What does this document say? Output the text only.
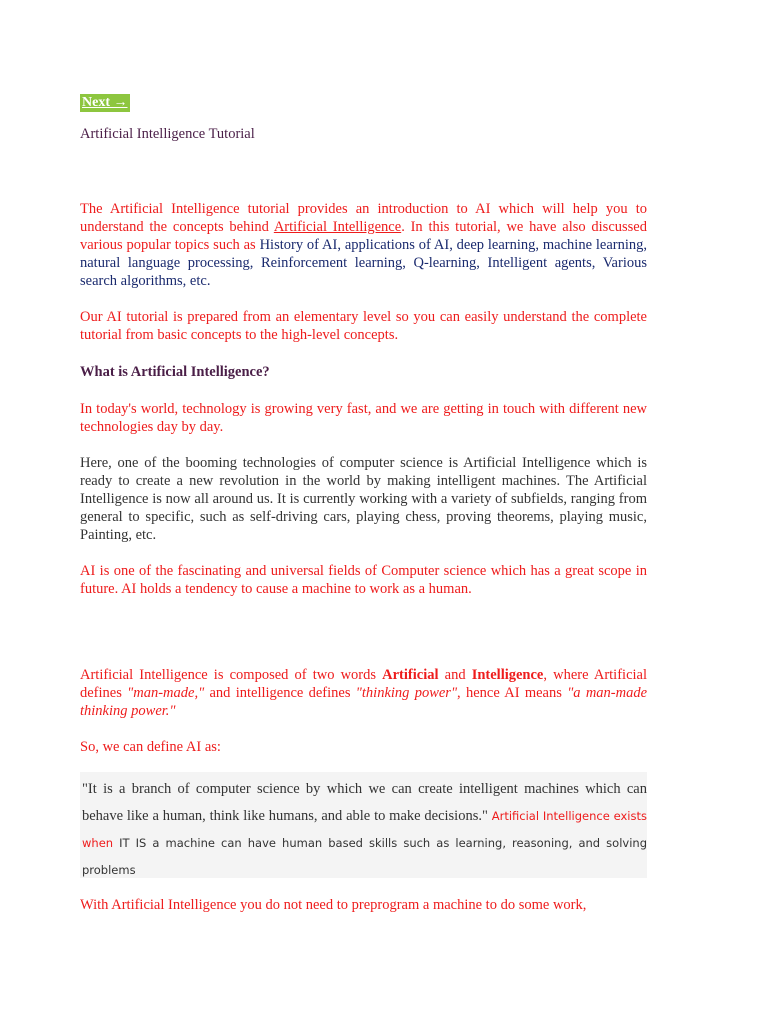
Next →

Artificial Intelligence Tutorial

The Artificial Intelligence tutorial provides an introduction to AI which will help you to understand the concepts behind Artificial Intelligence. In this tutorial, we have also discussed various popular topics such as History of AI, applications of AI, deep learning, machine learning, natural language processing, Reinforcement learning, Q-learning, Intelligent agents, Various search algorithms, etc.

Our AI tutorial is prepared from an elementary level so you can easily understand the complete tutorial from basic concepts to the high-level concepts.

What is Artificial Intelligence?

In today's world, technology is growing very fast, and we are getting in touch with different new technologies day by day.

Here, one of the booming technologies of computer science is Artificial Intelligence which is ready to create a new revolution in the world by making intelligent machines. The Artificial Intelligence is now all around us. It is currently working with a variety of subfields, ranging from general to specific, such as self-driving cars, playing chess, proving theorems, playing music, Painting, etc.

AI is one of the fascinating and universal fields of Computer science which has a great scope in future. AI holds a tendency to cause a machine to work as a human.

Artificial Intelligence is composed of two words Artificial and Intelligence, where Artificial defines "man-made," and intelligence defines "thinking power", hence AI means "a man-made thinking power."

So, we can define AI as:

"It is a branch of computer science by which we can create intelligent machines which can behave like a human, think like humans, and able to make decisions." Artificial Intelligence exists when IT IS a machine can have human based skills such as learning, reasoning, and solving problems

With Artificial Intelligence you do not need to preprogram a machine to do some work,
